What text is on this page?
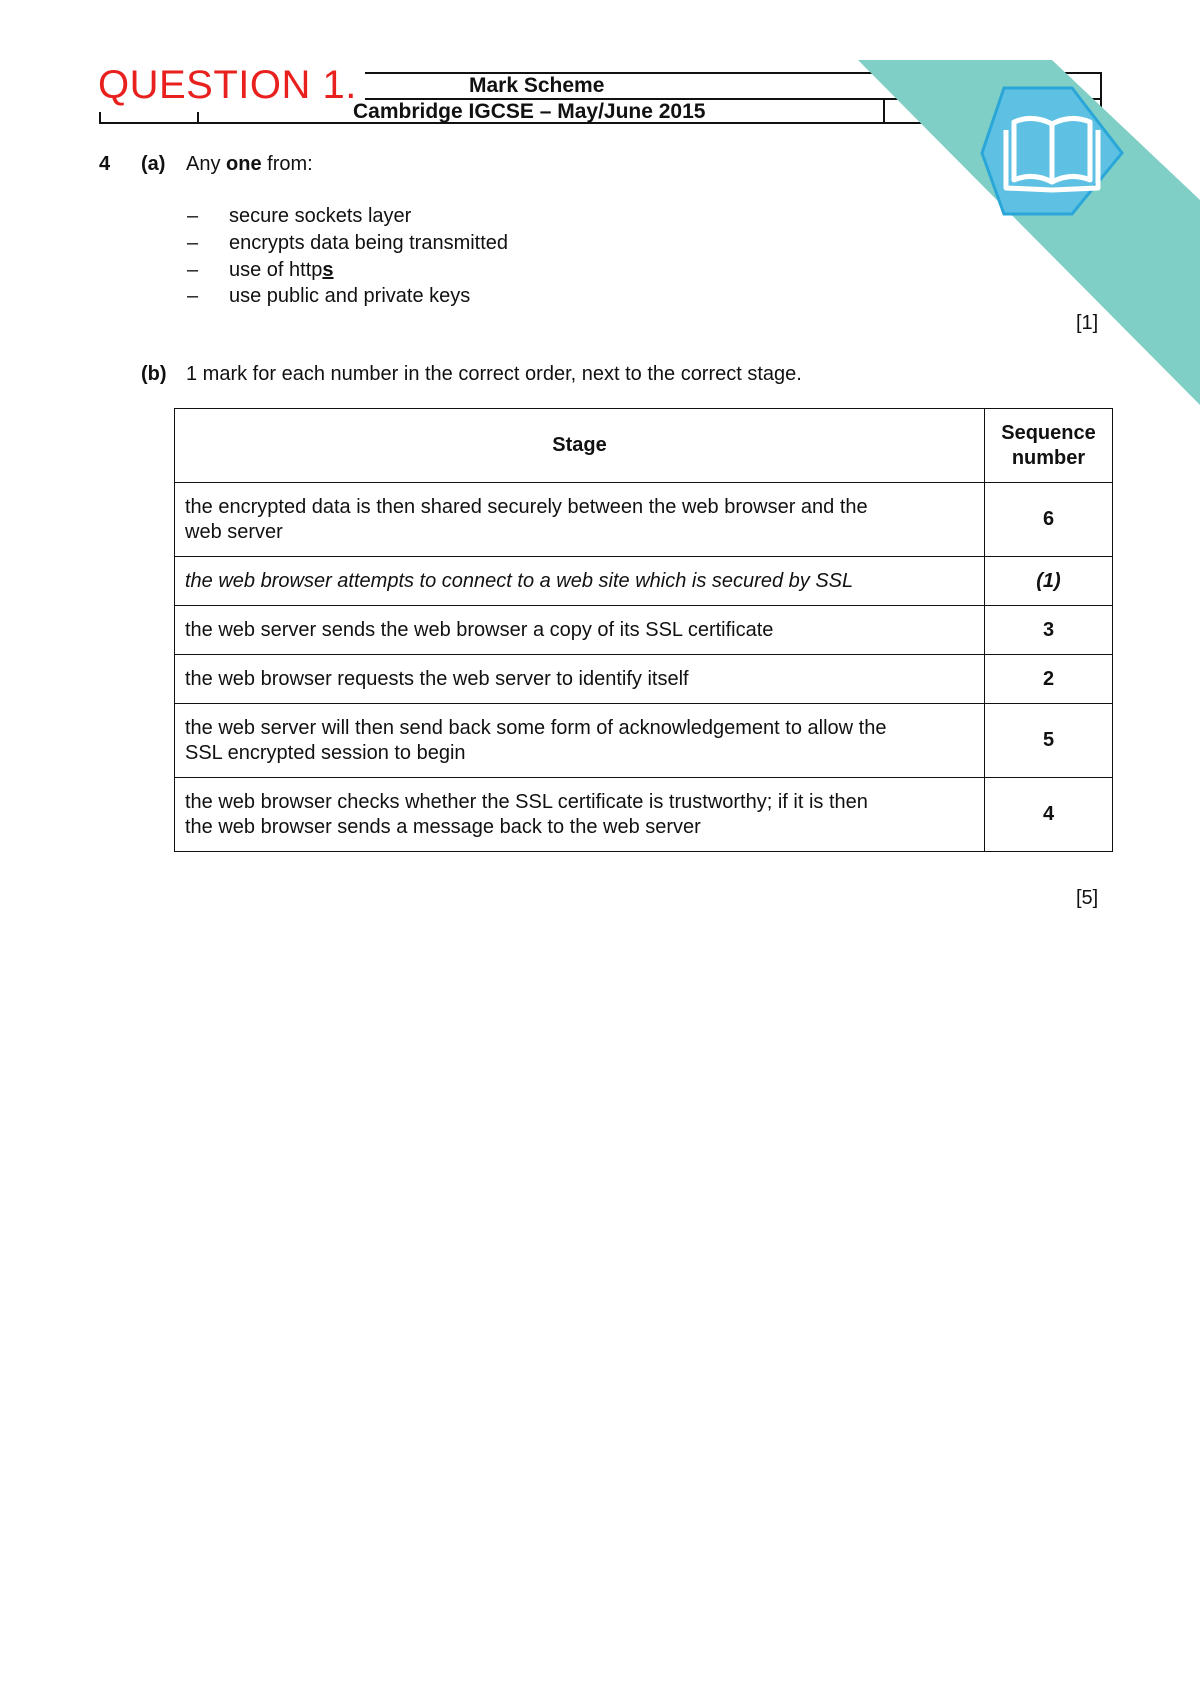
Mark Scheme
Cambridge IGCSE – May/June 2015
QUESTION 1.
4 (a) Any one from:
– secure sockets layer
– encrypts data being transmitted
– use of https
– use public and private keys
[1]
(b) 1 mark for each number in the correct order, next to the correct stage.
Stage	Sequence
number

the encrypted data is then shared securely between the web browser and the
web server	6
the web browser attempts to connect to a web site which is secured by SSL	(1)
the web server sends the web browser a copy of its SSL certificate	3
the web browser requests the web server to identify itself	2

the web server will then send back some form of acknowledgement to allow the
SSL encrypted session to begin	5

the web browser checks whether the SSL certificate is trustworthy; if it is then
the web browser sends a message back to the web server	4
[5]
